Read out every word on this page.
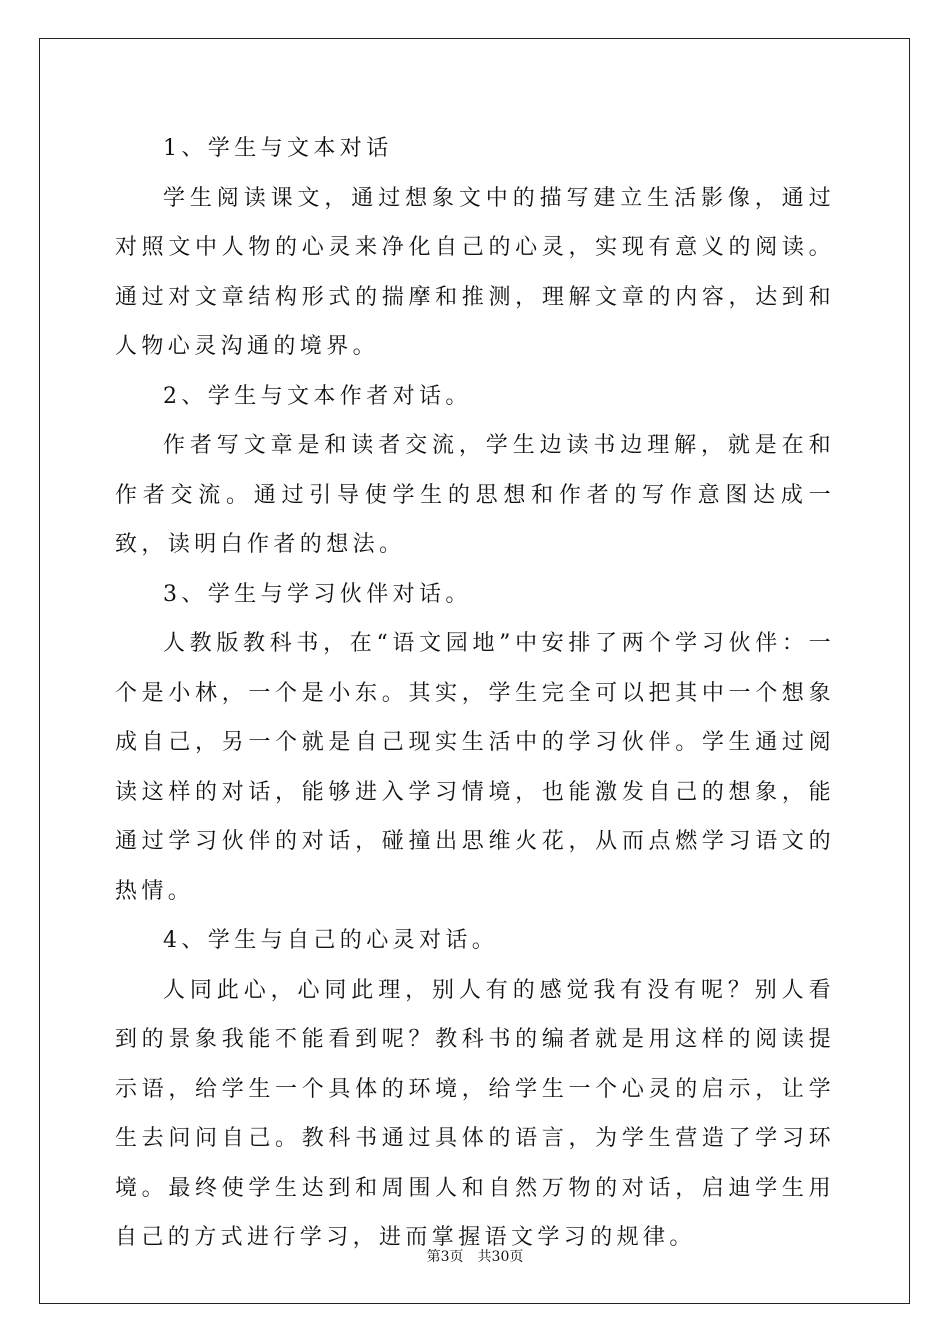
1、学生与文本对话

学生阅读课文，通过想象文中的描写建立生活影像，通过对照文中人物的心灵来净化自己的心灵，实现有意义的阅读。通过对文章结构形式的揣摩和推测，理解文章的内容，达到和人物心灵沟通的境界。

2、学生与文本作者对话。

作者写文章是和读者交流，学生边读书边理解，就是在和作者交流。通过引导使学生的思想和作者的写作意图达成一致，读明白作者的想法。

3、学生与学习伙伴对话。

人教版教科书，在“语文园地”中安排了两个学习伙伴：一个是小林，一个是小东。其实，学生完全可以把其中一个想象成自己，另一个就是自己现实生活中的学习伙伴。学生通过阅读这样的对话，能够进入学习情境，也能激发自己的想象，能通过学习伙伴的对话，碰撞出思维火花，从而点燃学习语文的热情。

4、学生与自己的心灵对话。

人同此心，心同此理，别人有的感觉我有没有呢？别人看到的景象我能不能看到呢？教科书的编者就是用这样的阅读提示语，给学生一个具体的环境，给学生一个心灵的启示，让学生去问问自己。教科书通过具体的语言，为学生营造了学习环境。最终使学生达到和周围人和自然万物的对话，启迪学生用自己的方式进行学习，进而掌握语文学习的规律。

第3页 共30页
